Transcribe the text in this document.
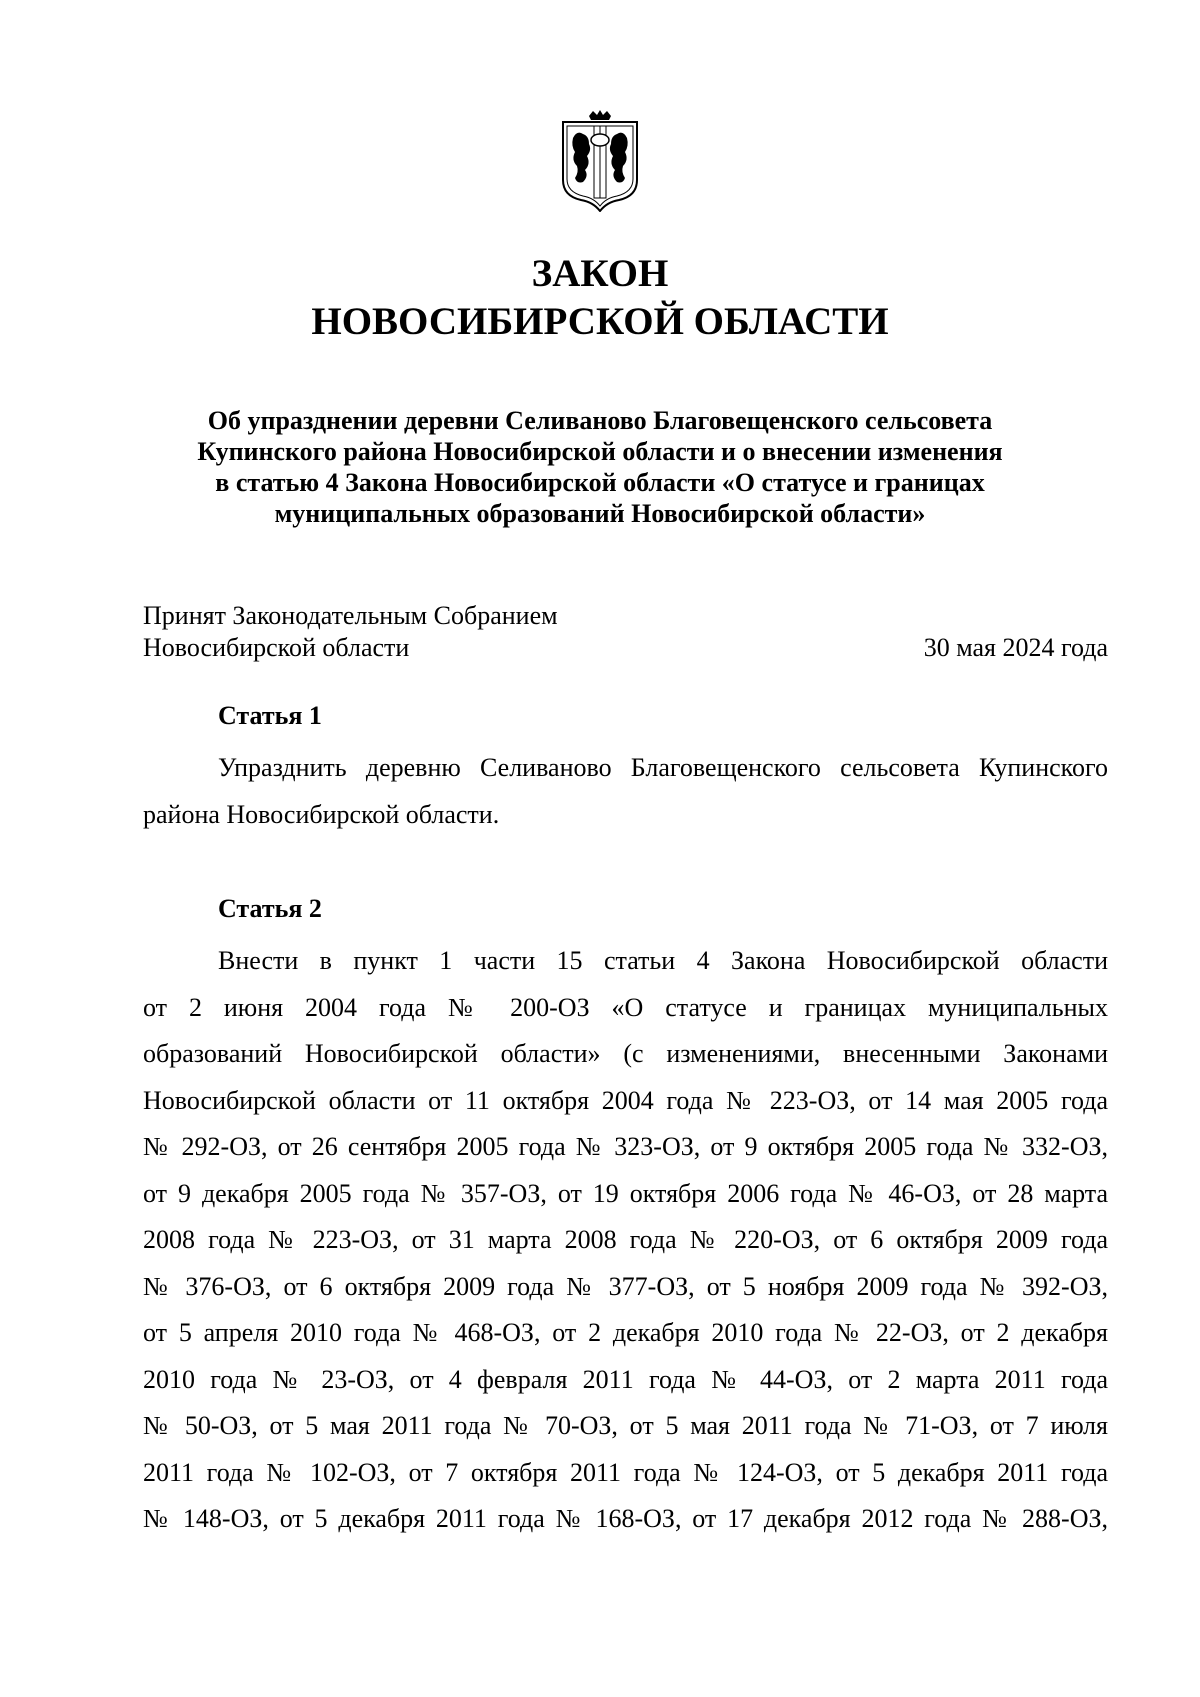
ЗАКОН
НОВОСИБИРСКОЙ ОБЛАСТИ
Об упразднении деревни Селиваново Благовещенского сельсовета
Купинского района Новосибирской области и о внесении изменения
в статью 4 Закона Новосибирской области «О статусе и границах
муниципальных образований Новосибирской области»
Принят Законодательным Собранием
Новосибирской области	30 мая 2024 года
Статья 1
Упразднить деревню Селиваново Благовещенского сельсовета Купинского
района Новосибирской области.
Статья 2
Внести в пункт 1 части 15 статьи 4 Закона Новосибирской области
от 2 июня 2004 года № 200-ОЗ «О статусе и границах муниципальных
образований Новосибирской области» (с изменениями, внесенными Законами
Новосибирской области от 11 октября 2004 года № 223-ОЗ, от 14 мая 2005 года
№ 292-ОЗ, от 26 сентября 2005 года № 323-ОЗ, от 9 октября 2005 года № 332-ОЗ,
от 9 декабря 2005 года № 357-ОЗ, от 19 октября 2006 года № 46-ОЗ, от 28 марта
2008 года № 223-ОЗ, от 31 марта 2008 года № 220-ОЗ, от 6 октября 2009 года
№ 376-ОЗ, от 6 октября 2009 года № 377-ОЗ, от 5 ноября 2009 года № 392-ОЗ,
от 5 апреля 2010 года № 468-ОЗ, от 2 декабря 2010 года № 22-ОЗ, от 2 декабря
2010 года № 23-ОЗ, от 4 февраля 2011 года № 44-ОЗ, от 2 марта 2011 года
№ 50-ОЗ, от 5 мая 2011 года № 70-ОЗ, от 5 мая 2011 года № 71-ОЗ, от 7 июля
2011 года № 102-ОЗ, от 7 октября 2011 года № 124-ОЗ, от 5 декабря 2011 года
№ 148-ОЗ, от 5 декабря 2011 года № 168-ОЗ, от 17 декабря 2012 года № 288-ОЗ,
